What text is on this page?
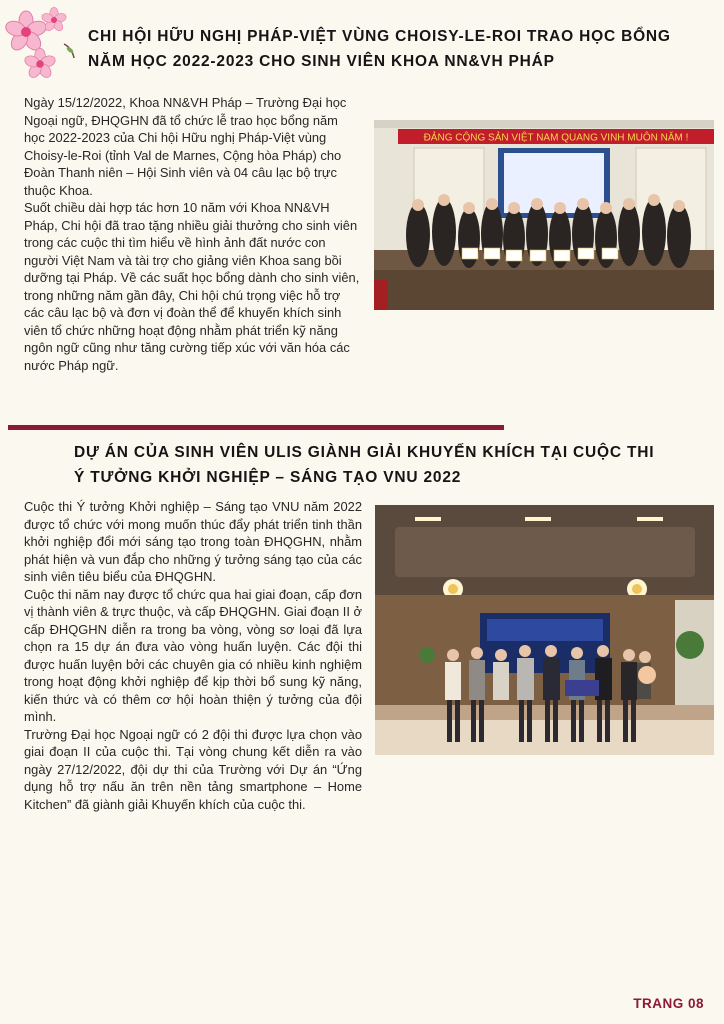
CHI HỘI HỮU NGHỊ PHÁP-VIỆT VÙNG CHOISY-LE-ROI TRAO HỌC BỔNG
NĂM HỌC 2022-2023 CHO SINH VIÊN KHOA NN&VH PHÁP

Ngày 15/12/2022, Khoa NN&VH Pháp – Trường Đại học Ngoại ngữ, ĐHQGHN đã tổ chức lễ trao học bổng năm học 2022-2023 của Chi hội Hữu nghị Pháp-Việt vùng Choisy-le-Roi (tỉnh Val de Marnes, Cộng hòa Pháp) cho Đoàn Thanh niên – Hội Sinh viên và 04 câu lạc bộ trực thuộc Khoa.

Suốt chiều dài hợp tác hơn 10 năm với Khoa NN&VH Pháp, Chi hội đã trao tặng nhiều giải thưởng cho sinh viên trong các cuộc thi tìm hiểu về hình ảnh đất nước con người Việt Nam và tài trợ cho giảng viên Khoa sang bồi dưỡng tại Pháp. Về các suất học bổng dành cho sinh viên, trong những năm gần đây, Chi hội chú trọng việc hỗ trợ các câu lạc bộ và đơn vị đoàn thể để khuyến khích sinh viên tổ chức những hoạt động nhằm phát triển kỹ năng ngôn ngữ cũng như tăng cường tiếp xúc với văn hóa các nước Pháp ngữ.

ĐẢNG CỘNG SẢN VIỆT NAM QUANG VINH MUÔN NĂM !
DỰ ÁN CỦA SINH VIÊN ULIS GIÀNH GIẢI KHUYẾN KHÍCH TẠI CUỘC THI
Ý TƯỞNG KHỞI NGHIỆP – SÁNG TẠO VNU 2022

Cuộc thi Ý tưởng Khởi nghiệp – Sáng tạo VNU năm 2022 được tổ chức với mong muốn thúc đẩy phát triển tinh thần khởi nghiệp đổi mới sáng tạo trong toàn ĐHQGHN, nhằm phát hiện và vun đắp cho những ý tưởng sáng tạo của các sinh viên tiêu biểu của ĐHQGHN.

Cuộc thi năm nay được tổ chức qua hai giai đoạn, cấp đơn vị thành viên & trực thuộc, và cấp ĐHQGHN. Giai đoạn II ở cấp ĐHQGHN diễn ra trong ba vòng, vòng sơ loại đã lựa chọn ra 15 dự án đưa vào vòng huấn luyện. Các đội thi được huấn luyện bởi các chuyên gia có nhiều kinh nghiệm trong hoạt động khởi nghiệp để kịp thời bổ sung kỹ năng, kiến thức và có thêm cơ hội hoàn thiện ý tưởng của đội mình.

Trường Đại học Ngoại ngữ có 2 đội thi được lựa chọn vào giai đoạn II của cuộc thi. Tại vòng chung kết diễn ra vào ngày 27/12/2022, đội dự thi của Trường với Dự án “Ứng dụng hỗ trợ nấu ăn trên nền tảng smartphone – Home Kitchen” đã giành giải Khuyến khích của cuộc thi.

TRANG 08
